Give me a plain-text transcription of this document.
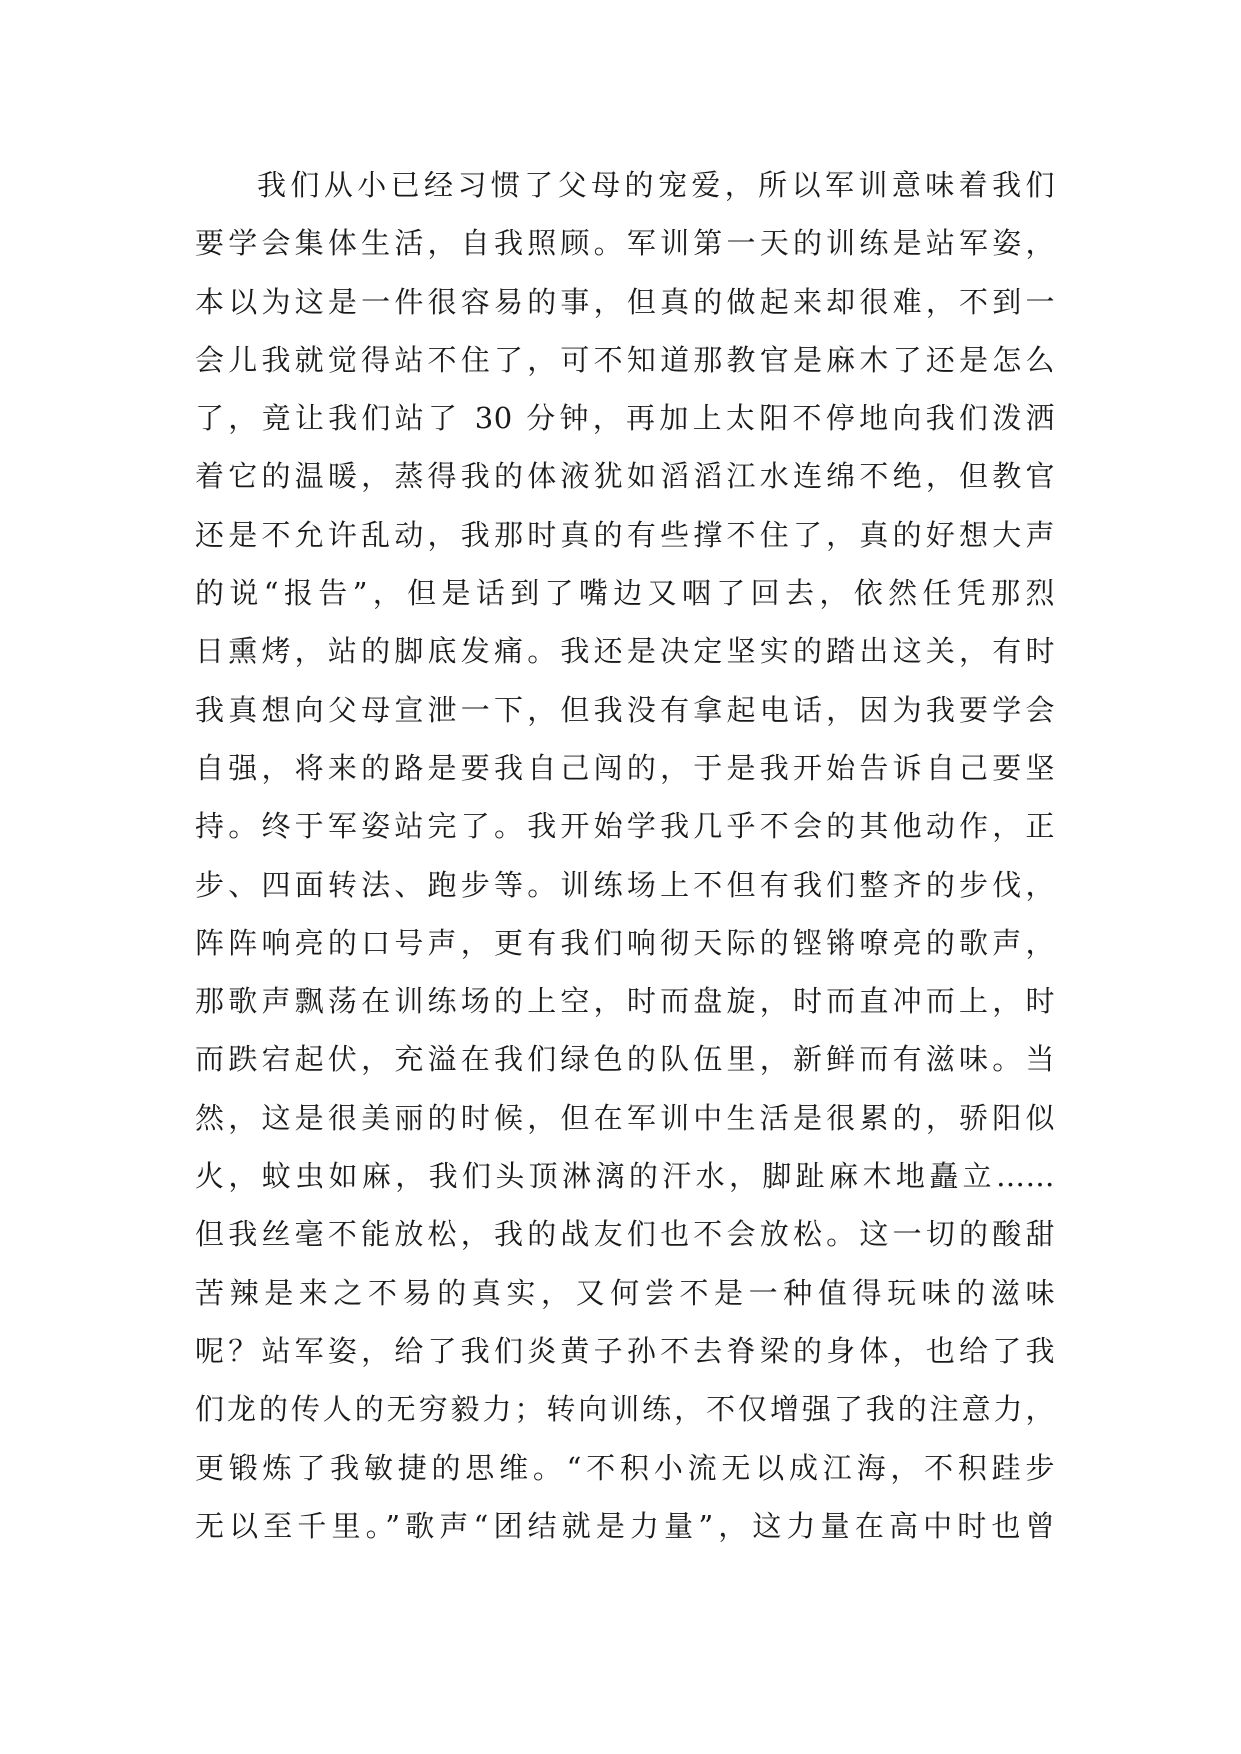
我们从小已经习惯了父母的宠爱，所以军训意味着我们
要学会集体生活，自我照顾。军训第一天的训练是站军姿，
本以为这是一件很容易的事，但真的做起来却很难，不到一
会儿我就觉得站不住了，可不知道那教官是麻木了还是怎么
了，竟让我们站了 30 分钟，再加上太阳不停地向我们泼洒
着它的温暖，蒸得我的体液犹如滔滔江水连绵不绝，但教官
还是不允许乱动，我那时真的有些撑不住了，真的好想大声
的说“报告”，但是话到了嘴边又咽了回去，依然任凭那烈
日熏烤，站的脚底发痛。我还是决定坚实的踏出这关，有时
我真想向父母宣泄一下，但我没有拿起电话，因为我要学会
自强，将来的路是要我自己闯的，于是我开始告诉自己要坚
持。终于军姿站完了。我开始学我几乎不会的其他动作，正
步、四面转法、跑步等。训练场上不但有我们整齐的步伐，
阵阵响亮的口号声，更有我们响彻天际的铿锵嘹亮的歌声，
那歌声飘荡在训练场的上空，时而盘旋，时而直冲而上，时
而跌宕起伏，充溢在我们绿色的队伍里，新鲜而有滋味。当
然，这是很美丽的时候，但在军训中生活是很累的，骄阳似
火，蚊虫如麻，我们头顶淋漓的汗水，脚趾麻木地矗立……
但我丝毫不能放松，我的战友们也不会放松。这一切的酸甜
苦辣是来之不易的真实，又何尝不是一种值得玩味的滋味
呢？站军姿，给了我们炎黄子孙不去脊梁的身体，也给了我
们龙的传人的无穷毅力；转向训练，不仅增强了我的注意力，
更锻炼了我敏捷的思维。“不积小流无以成江海，不积跬步
无以至千里。”歌声“团结就是力量”，这力量在高中时也曾
